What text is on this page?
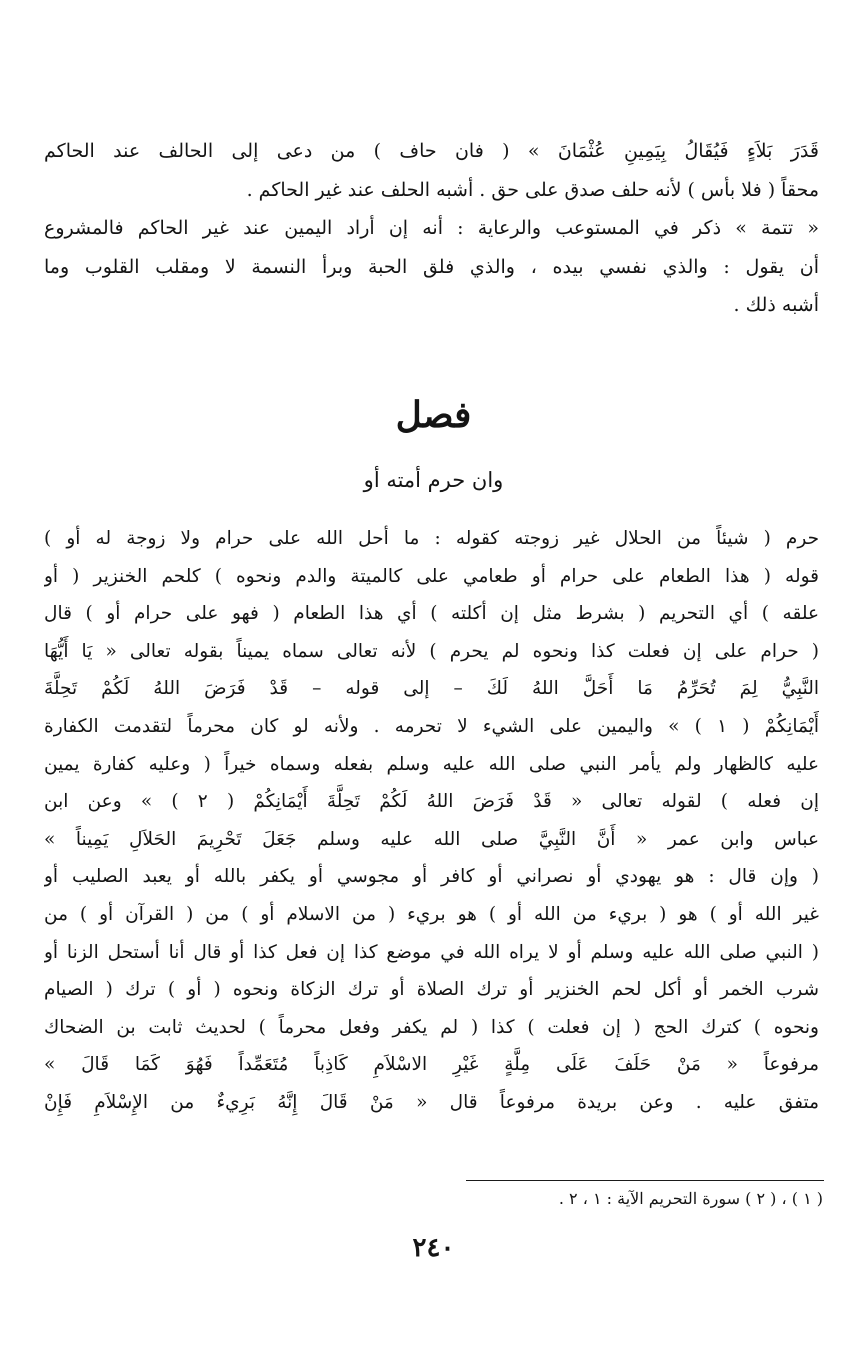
قَدَرَ بَلاَءٍ فَيُقَالُ بِيَمِينِ عُثْمَانَ » ( فان حاف ) من دعى إلى الحالف عند الحاكم
محقاً ( فلا بأس ) لأنه حلف صدق على حق . أشبه الحلف عند غير الحاكم .
« تتمة » ذكر في المستوعب والرعاية : أنه إن أراد اليمين عند غير الحاكم فالمشروع
أن يقول : والذي نفسي بيده ، والذي فلق الحبة وبرأ النسمة لا ومقلب القلوب وما
أشبه ذلك .
فصل
وان حرم أمته أو
حرم ( شيئاً من الحلال غير زوجته كقوله : ما أحل الله على حرام ولا زوجة له أو )
قوله ( هذا الطعام على حرام أو طعامي على كالميتة والدم ونحوه ) كلحم الخنزير ( أو
علقه ) أي التحريم ( بشرط مثل إن أكلته ) أي هذا الطعام ( فهو على حرام أو ) قال
( حرام على إن فعلت كذا ونحوه لم يحرم ) لأنه تعالى سماه يميناً بقوله تعالى « يَا أَيُّهَا
النَّبِيُّ لِمَ تُحَرِّمُ مَا أَحَلَّ اللهُ لَكَ – إلى قوله – قَدْ فَرَضَ اللهُ لَكُمْ تَحِلَّةَ
أَيْمَانِكُمْ ( ١ ) » واليمين على الشيء لا تحرمه . ولأنه لو كان محرماً لتقدمت الكفارة
عليه كالظهار ولم يأمر النبي صلى الله عليه وسلم بفعله وسماه خيراً ( وعليه كفارة يمين
إن فعله ) لقوله تعالى « قَدْ فَرَضَ اللهُ لَكُمْ تَحِلَّةَ أَيْمَانِكُمْ ( ٢ ) » وعن ابن
عباس وابن عمر « أَنَّ النَّبِيَّ صلى الله عليه وسلم جَعَلَ تَحْرِيمَ الحَلاَلِ يَمِيناً »
( وإن قال : هو يهودي أو نصراني أو كافر أو مجوسي أو يكفر بالله أو يعبد الصليب أو
غير الله أو ) هو ( بريء من الله أو ) هو بريء ( من الاسلام أو ) من ( القرآن أو ) من
( النبي صلى الله عليه وسلم أو لا يراه الله في موضع كذا إن فعل كذا أو قال أنا أستحل الزنا أو
شرب الخمر أو أكل لحم الخنزير أو ترك الصلاة أو ترك الزكاة ونحوه ( أو ) ترك ( الصيام
ونحوه ) كترك الحج ( إن فعلت ) كذا ( لم يكفر وفعل محرماً ) لحديث ثابت بن الضحاك
مرفوعاً « مَنْ حَلَفَ عَلَى مِلَّةٍ غَيْرِ الاسْلاَمِ كَاذِباً مُتَعَمِّداً فَهُوَ كَمَا قَالَ »
متفق عليه . وعن بريدة مرفوعاً قال « مَنْ قَالَ إِنَّهُ بَرِيءٌ من الإِسْلاَمِ فَإِنْ
( ١ ) ، ( ٢ ) سورة التحريم الآية : ١ ، ٢ .
٢٤٠
